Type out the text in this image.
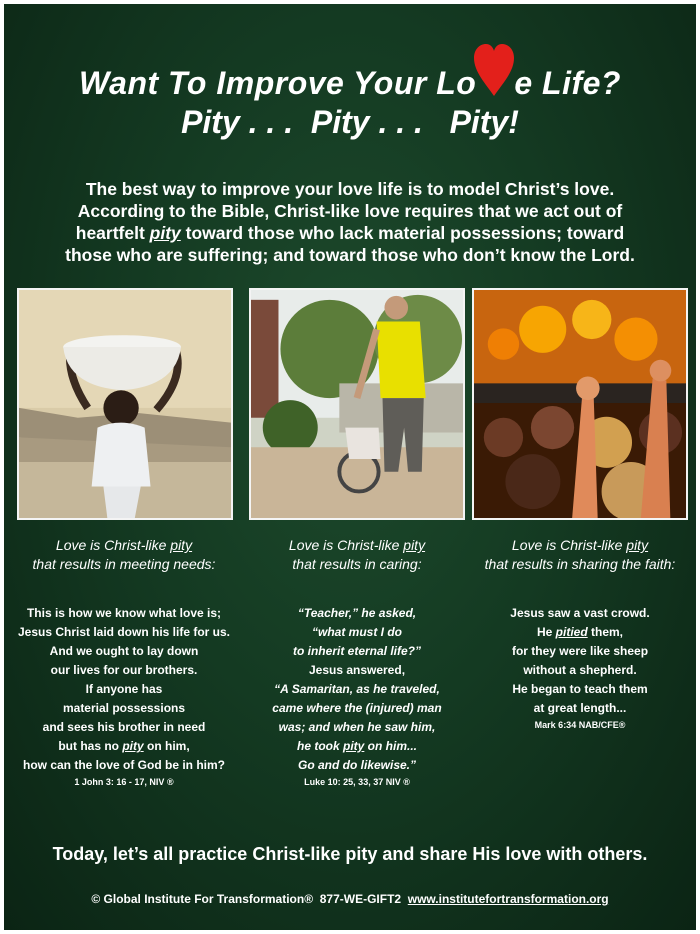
Want To Improve Your Lo e Life?
Pity . . .  Pity . . .   Pity!
The best way to improve your love life is to model Christ’s love.
According to the Bible, Christ-like love requires that we act out of
heartfelt pity toward those who lack material possessions; toward
those who are suffering; and toward those who don’t know the Lord.
Love is Christ-like pity
that results in meeting needs:
Love is Christ-like pity
that results in caring:
Love is Christ-like pity
that results in sharing the faith:
This is how we know what love is;
Jesus Christ laid down his life for us.
And we ought to lay down
our lives for our brothers.
If anyone has
material possessions
and sees his brother in need
but has no pity on him,
how can the love of God be in him?
1 John 3: 16 - 17, NIV ®
“Teacher,” he asked,
“what must I do
to inherit eternal life?”
Jesus answered,
“A Samaritan, as he traveled,
came where the (injured) man
was; and when he saw him,
he took pity on him...
Go and do likewise.”
Luke 10: 25, 33, 37 NIV ®
Jesus saw a vast crowd.
He pitied them,
for they were like sheep
without a shepherd.
He began to teach them
at great length...
Mark 6:34 NAB/CFE®
Today, let’s all practice Christ-like pity and share His love with others.
© Global Institute For Transformation®  877-WE-GIFT2  www.institutefortransformation.org
